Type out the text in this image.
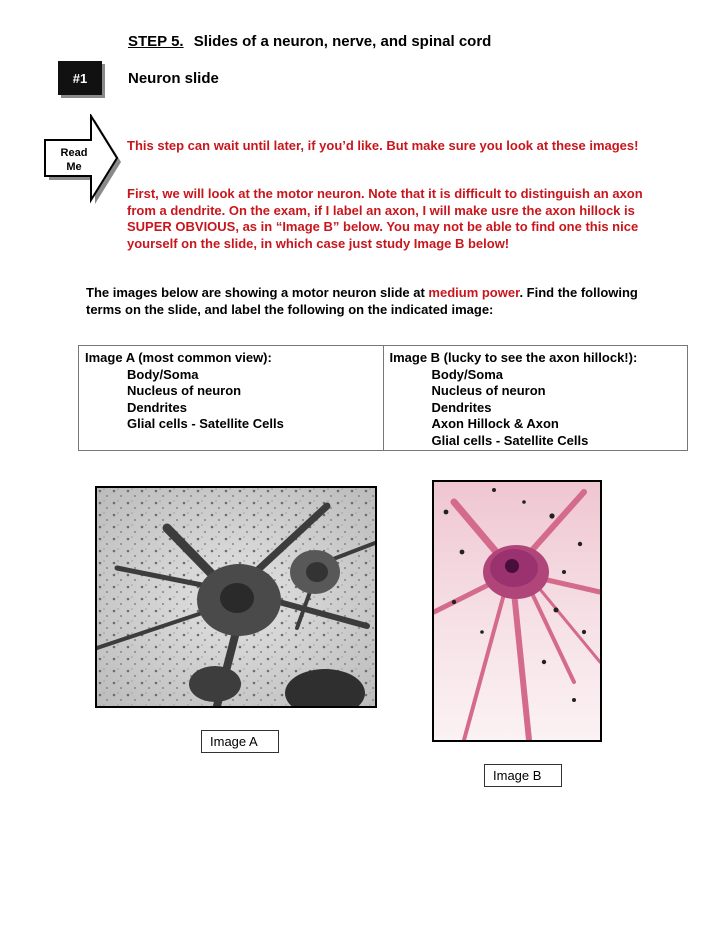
STEP 5. Slides of a neuron, nerve, and spinal cord
#1	Neuron slide
Read
Me
This step can wait until later, if you’d like. But make sure you look at these images!
First, we will look at the motor neuron. Note that it is difficult to distinguish an axon from a dendrite. On the exam, if I label an axon, I will make usre the axon hillock is SUPER OBVIOUS, as in “Image B” below. You may not be able to find one this nice yourself on the slide, in which case just study Image B below!
The images below are showing a motor neuron slide at medium power. Find the following terms on the slide, and label the following on the indicated image:
Image A (most common view):
Body/Soma
Nucleus of neuron
Dendrites
Glial cells - Satellite Cells
Image B (lucky to see the axon hillock!):
Body/Soma
Nucleus of neuron
Dendrites
Axon Hillock & Axon
Glial cells - Satellite Cells
Image A
Image B
